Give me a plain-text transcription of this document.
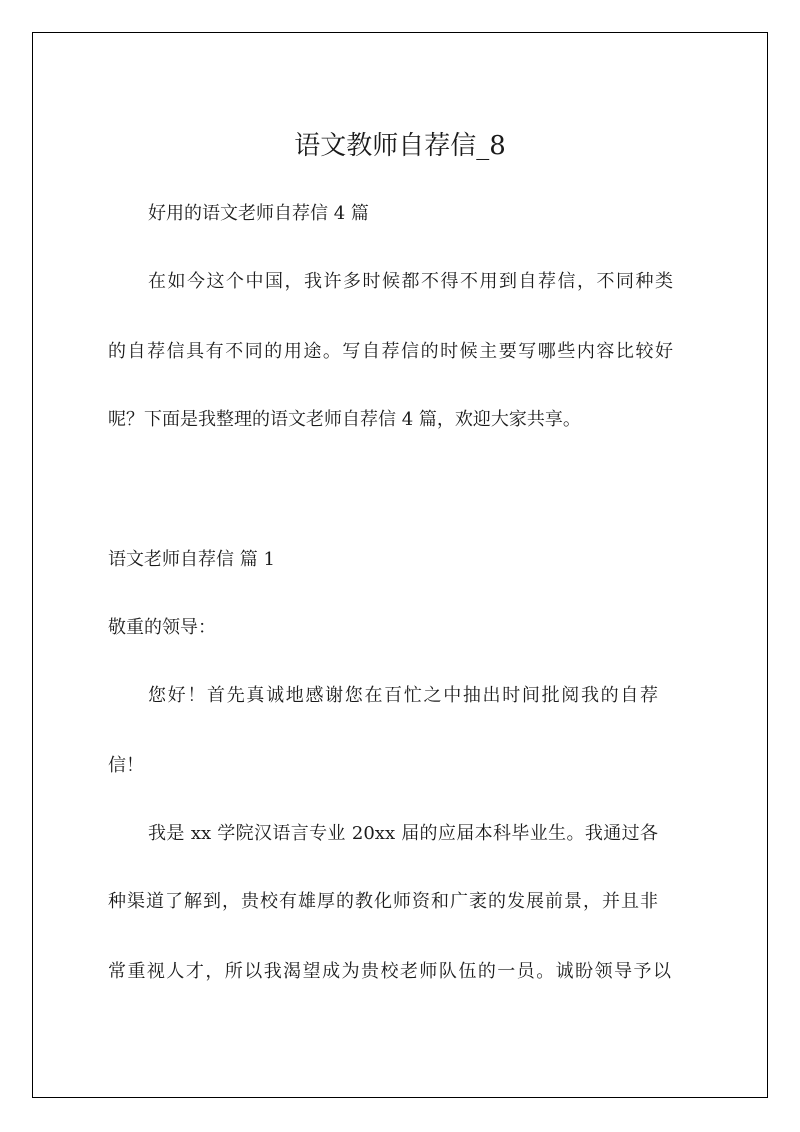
语文教师自荐信_8
好用的语文老师自荐信 4 篇
在如今这个中国，我许多时候都不得不用到自荐信，不同种类
的自荐信具有不同的用途。写自荐信的时候主要写哪些内容比较好
呢？下面是我整理的语文老师自荐信 4 篇，欢迎大家共享。
语文老师自荐信 篇 1
敬重的领导：
您好！首先真诚地感谢您在百忙之中抽出时间批阅我的自荐
信！
我是 xx 学院汉语言专业 20xx 届的应届本科毕业生。我通过各
种渠道了解到，贵校有雄厚的教化师资和广袤的发展前景，并且非
常重视人才，所以我渴望成为贵校老师队伍的一员。诚盼领导予以
